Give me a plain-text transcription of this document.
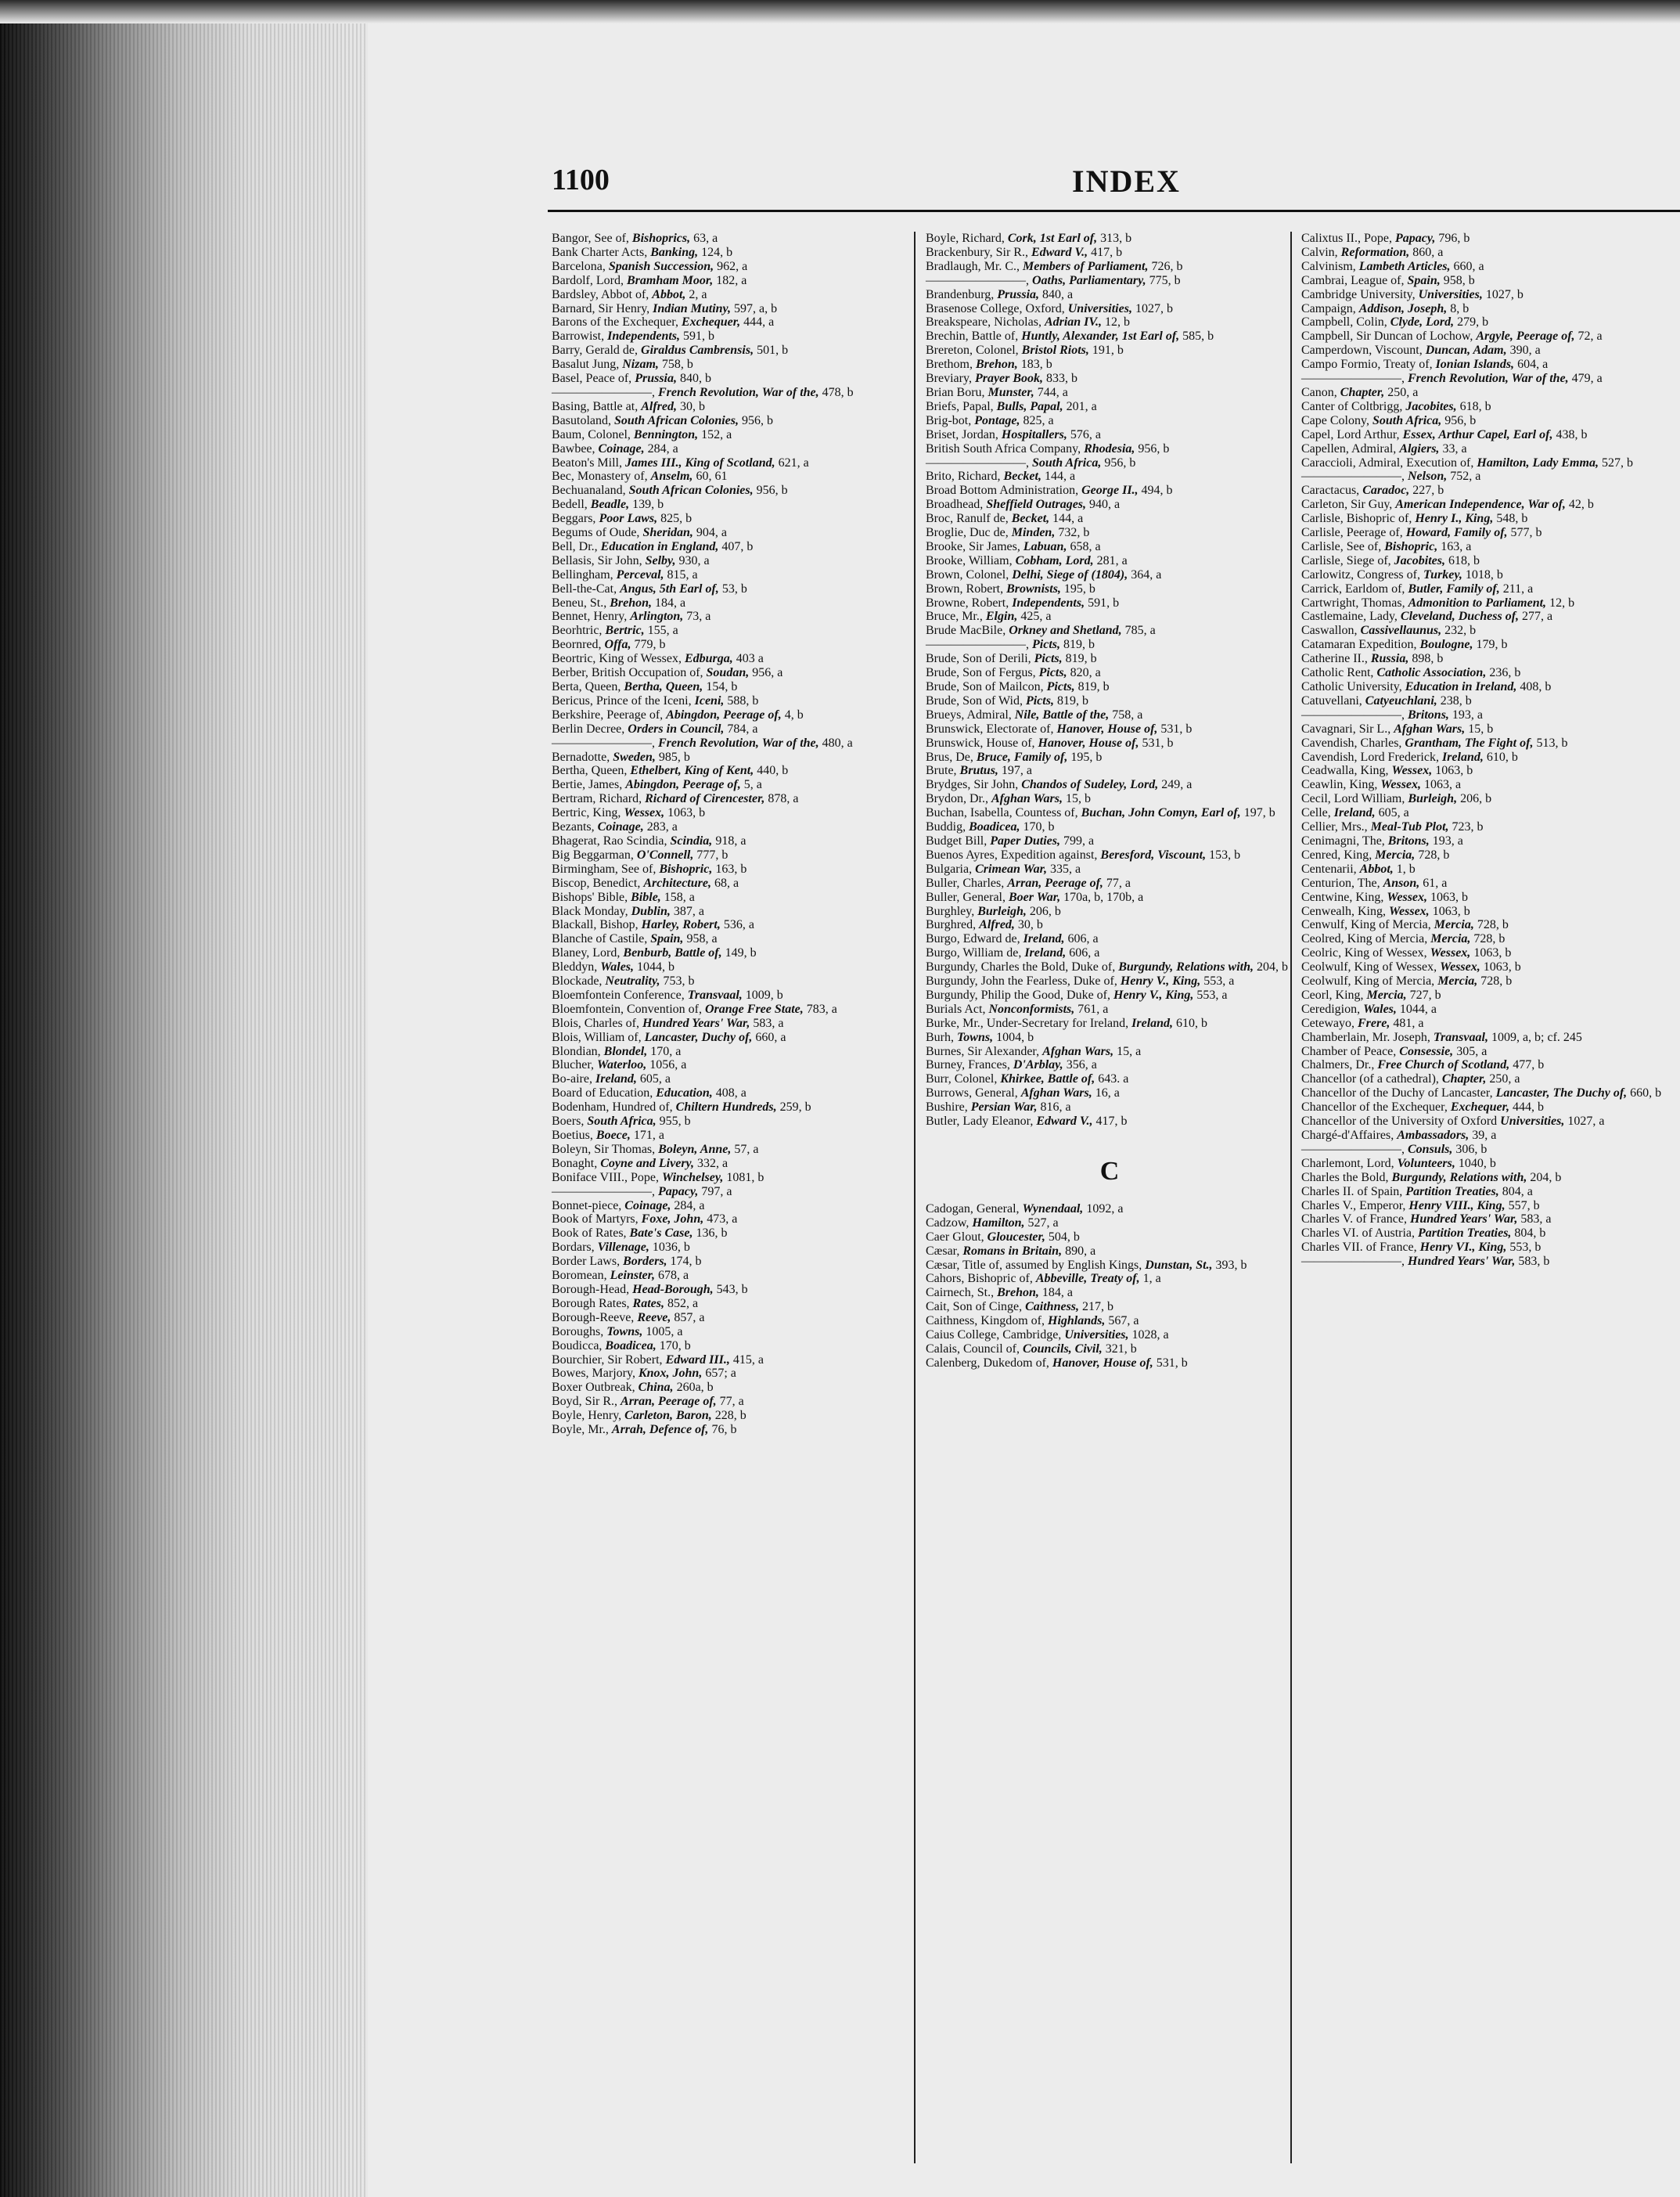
1100	INDEX
Bangor, See of, Bishoprics, 63, a
Bank Charter Acts, Banking, 124, b
Barcelona, Spanish Succession, 962, a
Bardolf, Lord, Bramham Moor, 182, a
Bardsley, Abbot of, Abbot, 2, a
Barnard, Sir Henry, Indian Mutiny, 597, a, b
Barons of the Exchequer, Exchequer, 444, a
Barrowist, Independents, 591, b
Barry, Gerald de, Giraldus Cambrensis, 501, b
Basalut Jung, Nizam, 758, b
Basel, Peace of, Prussia, 840, b
————————, French Revolution, War of the, 478, b
Basing, Battle at, Alfred, 30, b
Basutoland, South African Colonies, 956, b
Baum, Colonel, Bennington, 152, a
Bawbee, Coinage, 284, a
Beaton's Mill, James III., King of Scotland, 621, a
Bec, Monastery of, Anselm, 60, 61
Bechuanaland, South African Colonies, 956, b
Bedell, Beadle, 139, b
Beggars, Poor Laws, 825, b
Begums of Oude, Sheridan, 904, a
Bell, Dr., Education in England, 407, b
Bellasis, Sir John, Selby, 930, a
Bellingham, Perceval, 815, a
Bell-the-Cat, Angus, 5th Earl of, 53, b
Beneu, St., Brehon, 184, a
Bennet, Henry, Arlington, 73, a
Beorhtric, Bertric, 155, a
Beornred, Offa, 779, b
Beortric, King of Wessex, Edburga, 403 a
Berber, British Occupation of, Soudan, 956, a
Berta, Queen, Bertha, Queen, 154, b
Bericus, Prince of the Iceni, Iceni, 588, b
Berkshire, Peerage of, Abingdon, Peerage of, 4, b
Berlin Decree, Orders in Council, 784, a
————————, French Revolution, War of the, 480, a
Bernadotte, Sweden, 985, b
Bertha, Queen, Ethelbert, King of Kent, 440, b
Bertie, James, Abingdon, Peerage of, 5, a
Bertram, Richard, Richard of Cirencester, 878, a
Bertric, King, Wessex, 1063, b
Bezants, Coinage, 283, a
Bhagerat, Rao Scindia, Scindia, 918, a
Big Beggarman, O'Connell, 777, b
Birmingham, See of, Bishopric, 163, b
Biscop, Benedict, Architecture, 68, a
Bishops' Bible, Bible, 158, a
Black Monday, Dublin, 387, a
Blackall, Bishop, Harley, Robert, 536, a
Blanche of Castile, Spain, 958, a
Blaney, Lord, Benburb, Battle of, 149, b
Bleddyn, Wales, 1044, b
Blockade, Neutrality, 753, b
Bloemfontein Conference, Transvaal, 1009, b
Bloemfontein, Convention of, Orange Free State, 783, a
Blois, Charles of, Hundred Years' War, 583, a
Blois, William of, Lancaster, Duchy of, 660, a
Blondian, Blondel, 170, a
Blucher, Waterloo, 1056, a
Bo-aire, Ireland, 605, a
Board of Education, Education, 408, a
Bodenham, Hundred of, Chiltern Hundreds, 259, b
Boers, South Africa, 955, b
Boetius, Boece, 171, a
Boleyn, Sir Thomas, Boleyn, Anne, 57, a
Bonaght, Coyne and Livery, 332, a
Boniface VIII., Pope, Winchelsey, 1081, b
————————, Papacy, 797, a
Bonnet-piece, Coinage, 284, a
Book of Martyrs, Foxe, John, 473, a
Book of Rates, Bate's Case, 136, b
Bordars, Villenage, 1036, b
Border Laws, Borders, 174, b
Boromean, Leinster, 678, a
Borough-Head, Head-Borough, 543, b
Borough Rates, Rates, 852, a
Borough-Reeve, Reeve, 857, a
Boroughs, Towns, 1005, a
Boudicca, Boadicea, 170, b
Bourchier, Sir Robert, Edward III., 415, a
Bowes, Marjory, Knox, John, 657; a
Boxer Outbreak, China, 260a, b
Boyd, Sir R., Arran, Peerage of, 77, a
Boyle, Henry, Carleton, Baron, 228, b
Boyle, Mr., Arrah, Defence of, 76, b
Boyle, Richard, Cork, 1st Earl of, 313, b
Brackenbury, Sir R., Edward V., 417, b
Bradlaugh, Mr. C., Members of Parliament, 726, b
————————, Oaths, Parliamentary, 775, b
Brandenburg, Prussia, 840, a
Brasenose College, Oxford, Universities, 1027, b
Breakspeare, Nicholas, Adrian IV., 12, b
Brechin, Battle of, Huntly, Alexander, 1st Earl of, 585, b
Brereton, Colonel, Bristol Riots, 191, b
Brethom, Brehon, 183, b
Breviary, Prayer Book, 833, b
Brian Boru, Munster, 744, a
Briefs, Papal, Bulls, Papal, 201, a
Brig-bot, Pontage, 825, a
Briset, Jordan, Hospitallers, 576, a
British South Africa Company, Rhodesia, 956, b
————————, South Africa, 956, b
Brito, Richard, Becket, 144, a
Broad Bottom Administration, George II., 494, b
Broadhead, Sheffield Outrages, 940, a
Broc, Ranulf de, Becket, 144, a
Broglie, Duc de, Minden, 732, b
Brooke, Sir James, Labuan, 658, a
Brooke, William, Cobham, Lord, 281, a
Brown, Colonel, Delhi, Siege of (1804), 364, a
Brown, Robert, Brownists, 195, b
Browne, Robert, Independents, 591, b
Bruce, Mr., Elgin, 425, a
Brude MacBile, Orkney and Shetland, 785, a
————————, Picts, 819, b
Brude, Son of Derili, Picts, 819, b
Brude, Son of Fergus, Picts, 820, a
Brude, Son of Mailcon, Picts, 819, b
Brude, Son of Wid, Picts, 819, b
Brueys, Admiral, Nile, Battle of the, 758, a
Brunswick, Electorate of, Hanover, House of, 531, b
Brunswick, House of, Hanover, House of, 531, b
Brus, De, Bruce, Family of, 195, b
Brute, Brutus, 197, a
Brydges, Sir John, Chandos of Sudeley, Lord, 249, a
Brydon, Dr., Afghan Wars, 15, b
Buchan, Isabella, Countess of, Buchan, John Comyn, Earl of, 197, b
Buddig, Boadicea, 170, b
Budget Bill, Paper Duties, 799, a
Buenos Ayres, Expedition against, Beresford, Viscount, 153, b
Bulgaria, Crimean War, 335, a
Buller, Charles, Arran, Peerage of, 77, a
Buller, General, Boer War, 170a, b, 170b, a
Burghley, Burleigh, 206, b
Burghred, Alfred, 30, b
Burgo, Edward de, Ireland, 606, a
Burgo, William de, Ireland, 606, a
Burgundy, Charles the Bold, Duke of, Burgundy, Relations with, 204, b
Burgundy, John the Fearless, Duke of, Henry V., King, 553, a
Burgundy, Philip the Good, Duke of, Henry V., King, 553, a
Burials Act, Nonconformists, 761, a
Burke, Mr., Under-Secretary for Ireland, Ireland, 610, b
Burh, Towns, 1004, b
Burnes, Sir Alexander, Afghan Wars, 15, a
Burney, Frances, D'Arblay, 356, a
Burr, Colonel, Khirkee, Battle of, 643. a
Burrows, General, Afghan Wars, 16, a
Bushire, Persian War, 816, a
Butler, Lady Eleanor, Edward V., 417, b
C
Cadogan, General, Wynendaal, 1092, a
Cadzow, Hamilton, 527, a
Caer Glout, Gloucester, 504, b
Cæsar, Romans in Britain, 890, a
Cæsar, Title of, assumed by English Kings, Dunstan, St., 393, b
Cahors, Bishopric of, Abbeville, Treaty of, 1, a
Cairnech, St., Brehon, 184, a
Cait, Son of Cinge, Caithness, 217, b
Caithness, Kingdom of, Highlands, 567, a
Caius College, Cambridge, Universities, 1028, a
Calais, Council of, Councils, Civil, 321, b
Calenberg, Dukedom of, Hanover, House of, 531, b
Calixtus II., Pope, Papacy, 796, b
Calvin, Reformation, 860, a
Calvinism, Lambeth Articles, 660, a
Cambrai, League of, Spain, 958, b
Cambridge University, Universities, 1027, b
Campaign, Addison, Joseph, 8, b
Campbell, Colin, Clyde, Lord, 279, b
Campbell, Sir Duncan of Lochow, Argyle, Peerage of, 72, a
Camperdown, Viscount, Duncan, Adam, 390, a
Campo Formio, Treaty of, Ionian Islands, 604, a
————————, French Revolution, War of the, 479, a
Canon, Chapter, 250, a
Canter of Coltbrigg, Jacobites, 618, b
Cape Colony, South Africa, 956, b
Capel, Lord Arthur, Essex, Arthur Capel, Earl of, 438, b
Capellen, Admiral, Algiers, 33, a
Caraccioli, Admiral, Execution of, Hamilton, Lady Emma, 527, b
————————, Nelson, 752, a
Caractacus, Caradoc, 227, b
Carleton, Sir Guy, American Independence, War of, 42, b
Carlisle, Bishopric of, Henry I., King, 548, b
Carlisle, Peerage of, Howard, Family of, 577, b
Carlisle, See of, Bishopric, 163, a
Carlisle, Siege of, Jacobites, 618, b
Carlowitz, Congress of, Turkey, 1018, b
Carrick, Earldom of, Butler, Family of, 211, a
Cartwright, Thomas, Admonition to Parliament, 12, b
Castlemaine, Lady, Cleveland, Duchess of, 277, a
Caswallon, Cassivellaunus, 232, b
Catamaran Expedition, Boulogne, 179, b
Catherine II., Russia, 898, b
Catholic Rent, Catholic Association, 236, b
Catholic University, Education in Ireland, 408, b
Catuvellani, Catyeuchlani, 238, b
————————, Britons, 193, a
Cavagnari, Sir L., Afghan Wars, 15, b
Cavendish, Charles, Grantham, The Fight of, 513, b
Cavendish, Lord Frederick, Ireland, 610, b
Ceadwalla, King, Wessex, 1063, b
Ceawlin, King, Wessex, 1063, a
Cecil, Lord William, Burleigh, 206, b
Celle, Ireland, 605, a
Cellier, Mrs., Meal-Tub Plot, 723, b
Cenimagni, The, Britons, 193, a
Cenred, King, Mercia, 728, b
Centenarii, Abbot, 1, b
Centurion, The, Anson, 61, a
Centwine, King, Wessex, 1063, b
Cenwealh, King, Wessex, 1063, b
Cenwulf, King of Mercia, Mercia, 728, b
Ceolred, King of Mercia, Mercia, 728, b
Ceolric, King of Wessex, Wessex, 1063, b
Ceolwulf, King of Wessex, Wessex, 1063, b
Ceolwulf, King of Mercia, Mercia, 728, b
Ceorl, King, Mercia, 727, b
Ceredigion, Wales, 1044, a
Cetewayo, Frere, 481, a
Chamberlain, Mr. Joseph, Transvaal, 1009, a, b; cf. 245
Chamber of Peace, Consessie, 305, a
Chalmers, Dr., Free Church of Scotland, 477, b
Chancellor (of a cathedral), Chapter, 250, a
Chancellor of the Duchy of Lancaster, Lancaster, The Duchy of, 660, b
Chancellor of the Exchequer, Exchequer, 444, b
Chancellor of the University of Oxford Universities, 1027, a
Chargé-d'Affaires, Ambassadors, 39, a
————————, Consuls, 306, b
Charlemont, Lord, Volunteers, 1040, b
Charles the Bold, Burgundy, Relations with, 204, b
Charles II. of Spain, Partition Treaties, 804, a
Charles V., Emperor, Henry VIII., King, 557, b
Charles V. of France, Hundred Years' War, 583, a
Charles VI. of Austria, Partition Treaties, 804, b
Charles VII. of France, Henry VI., King, 553, b
————————, Hundred Years' War, 583, b
